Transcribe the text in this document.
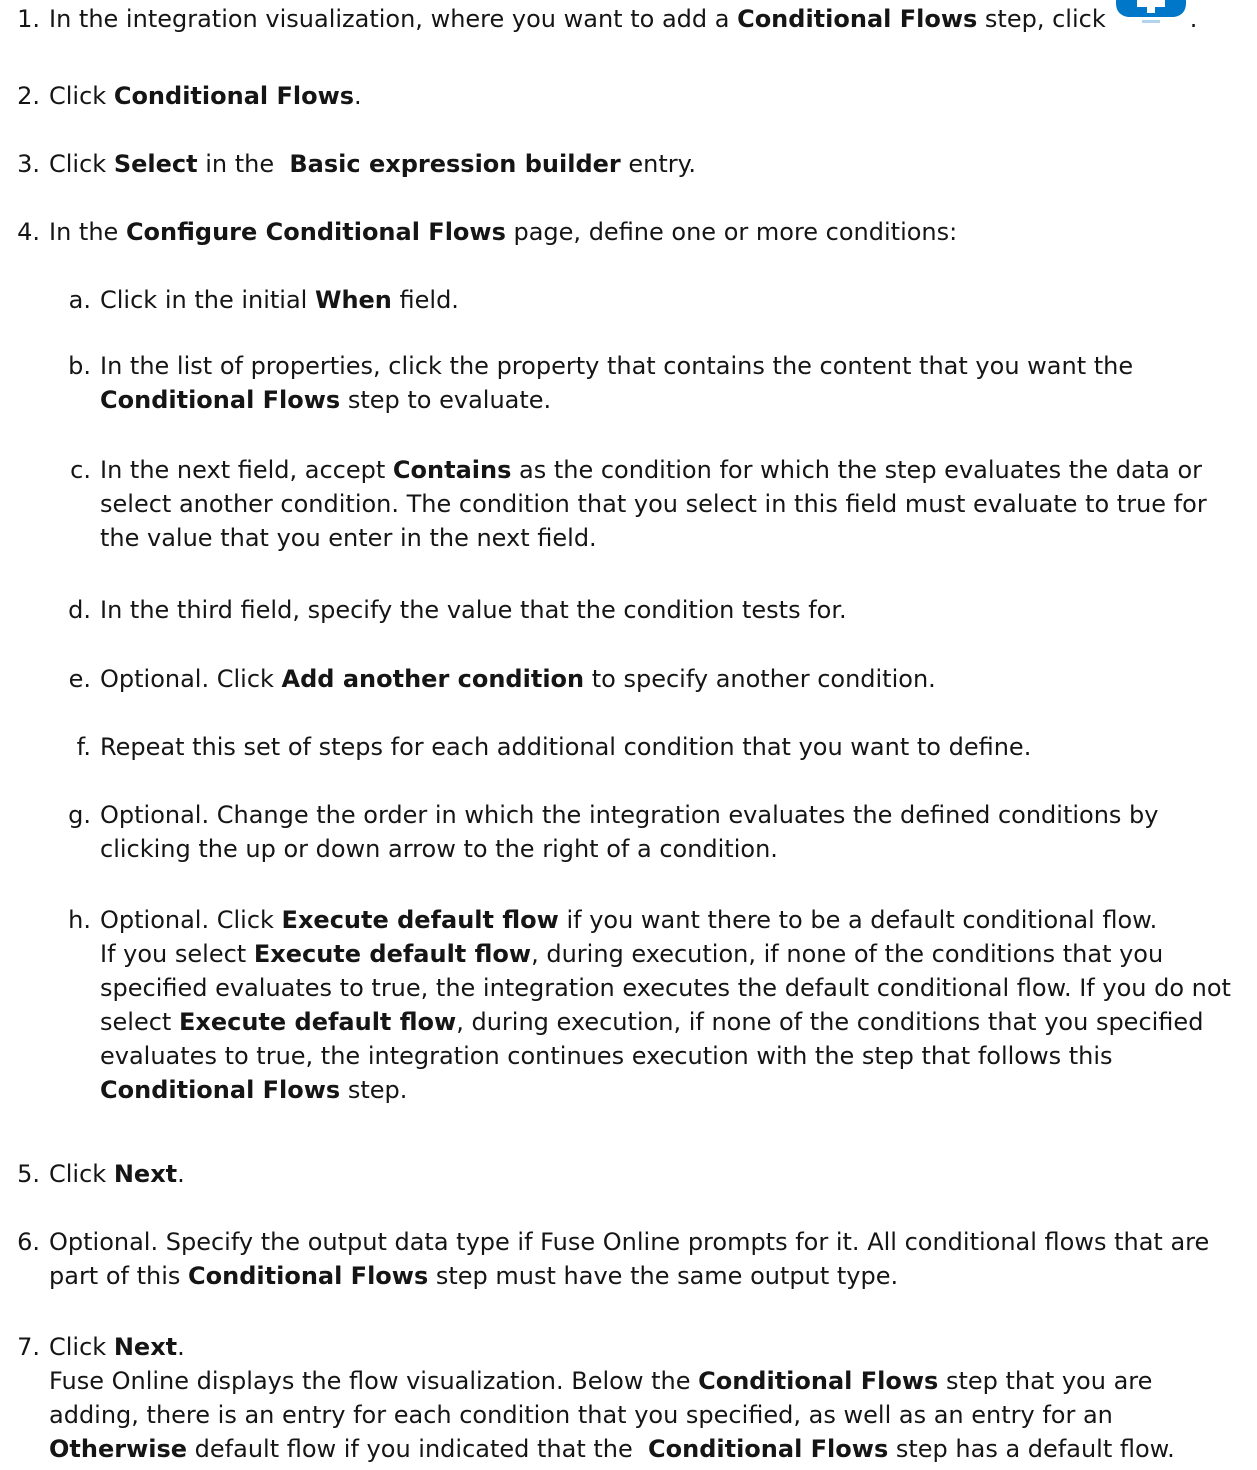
1. In the integration visualization, where you want to add a Conditional Flows step, click	.
2. Click Conditional Flows.
3. Click Select in the  Basic expression builder entry.
4. In the Configure Conditional Flows page, define one or more conditions:
a. Click in the initial When field.
b. In the list of properties, click the property that contains the content that you want the Conditional Flows step to evaluate.
c. In the next field, accept Contains as the condition for which the step evaluates the data or select another condition. The condition that you select in this field must evaluate to true for the value that you enter in the next field.
d. In the third field, specify the value that the condition tests for.
e. Optional. Click Add another condition to specify another condition.
f. Repeat this set of steps for each additional condition that you want to define.
g. Optional. Change the order in which the integration evaluates the defined conditions by clicking the up or down arrow to the right of a condition.
h. Optional. Click Execute default flow if you want there to be a default conditional flow.
If you select Execute default flow, during execution, if none of the conditions that you specified evaluates to true, the integration executes the default conditional flow. If you do not select Execute default flow, during execution, if none of the conditions that you specified evaluates to true, the integration continues execution with the step that follows this Conditional Flows step.
5. Click Next.
6. Optional. Specify the output data type if Fuse Online prompts for it. All conditional flows that are part of this Conditional Flows step must have the same output type.
7. Click Next.
Fuse Online displays the flow visualization. Below the Conditional Flows step that you are adding, there is an entry for each condition that you specified, as well as an entry for an Otherwise default flow if you indicated that the  Conditional Flows step has a default flow.
